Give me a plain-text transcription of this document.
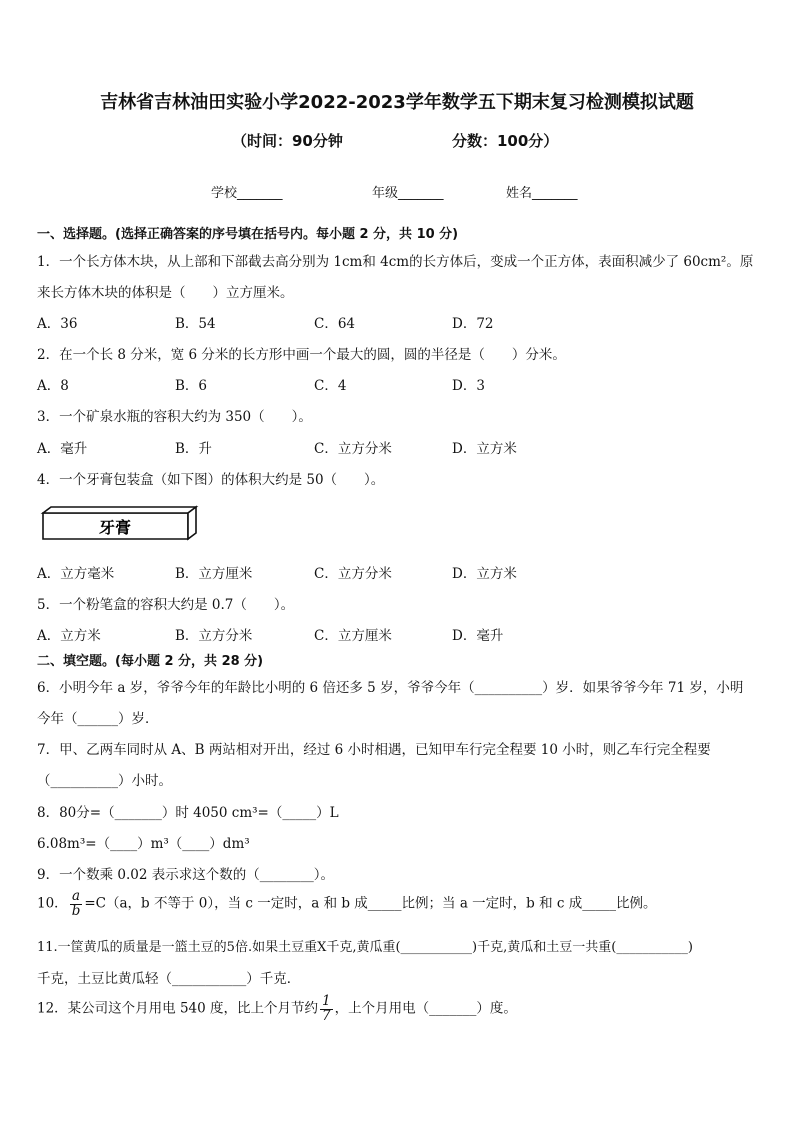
吉林省吉林油田实验小学2022-2023学年数学五下期末复习检测模拟试题
（时间：90分钟	分数：100分）
学校_______	年级_______	姓名_______
一、选择题。(选择正确答案的序号填在括号内。每小题 2 分，共 10 分)
1．一个长方体木块，从上部和下部截去高分别为 1cm和 4cm的长方体后，变成一个正方体，表面积减少了 60cm²。原
来长方体木块的体积是（　　）立方厘米。
A．36	B．54	C．64	D．72
2．在一个长 8 分米，宽 6 分米的长方形中画一个最大的圆，圆的半径是（　　）分米。
A．8	B．6	C．4	D．3
3．一个矿泉水瓶的容积大约为 350（　　）。
A．毫升	B．升	C．立方分米	D．立方米
4．一个牙膏包装盒（如下图）的体积大约是 50（　　）。
牙膏
A．立方毫米	B．立方厘米	C．立方分米	D．立方米
5．一个粉笔盒的容积大约是 0.7（　　）。
A．立方米	B．立方分米	C．立方厘米	D．毫升
二、填空题。(每小题 2 分，共 28 分)
6．小明今年 a 岁，爷爷今年的年龄比小明的 6 倍还多 5 岁，爷爷今年（__________）岁．如果爷爷今年 71 岁，小明
今年（______）岁．
7．甲、乙两车同时从 A、B 两站相对开出，经过 6 小时相遇，已知甲车行完全程要 10 小时，则乙车行完全程要
（__________）小时。
8．80分=（_______）时 4050 cm³=（_____）L
6.08m³=（____）m³（____）dm³
9．一个数乘 0.02 表示求这个数的（________）。
10． $\frac{a}{b} =C(a$，b 不等于 0），当 c 一定时，a 和 b 成_____比例；当 a 一定时，b 和 c 成_____比例。
11.一筐黄瓜的质量是一篮土豆的5倍.如果土豆重X千克,黄瓜重(___________)千克,黄瓜和土豆一共重(___________)
千克，土豆比黄瓜轻（___________）千克．
12．某公司这个月用电 540 度，比上个月节约 $\frac{1}{7}$ ，上个月用电（_______）度。
